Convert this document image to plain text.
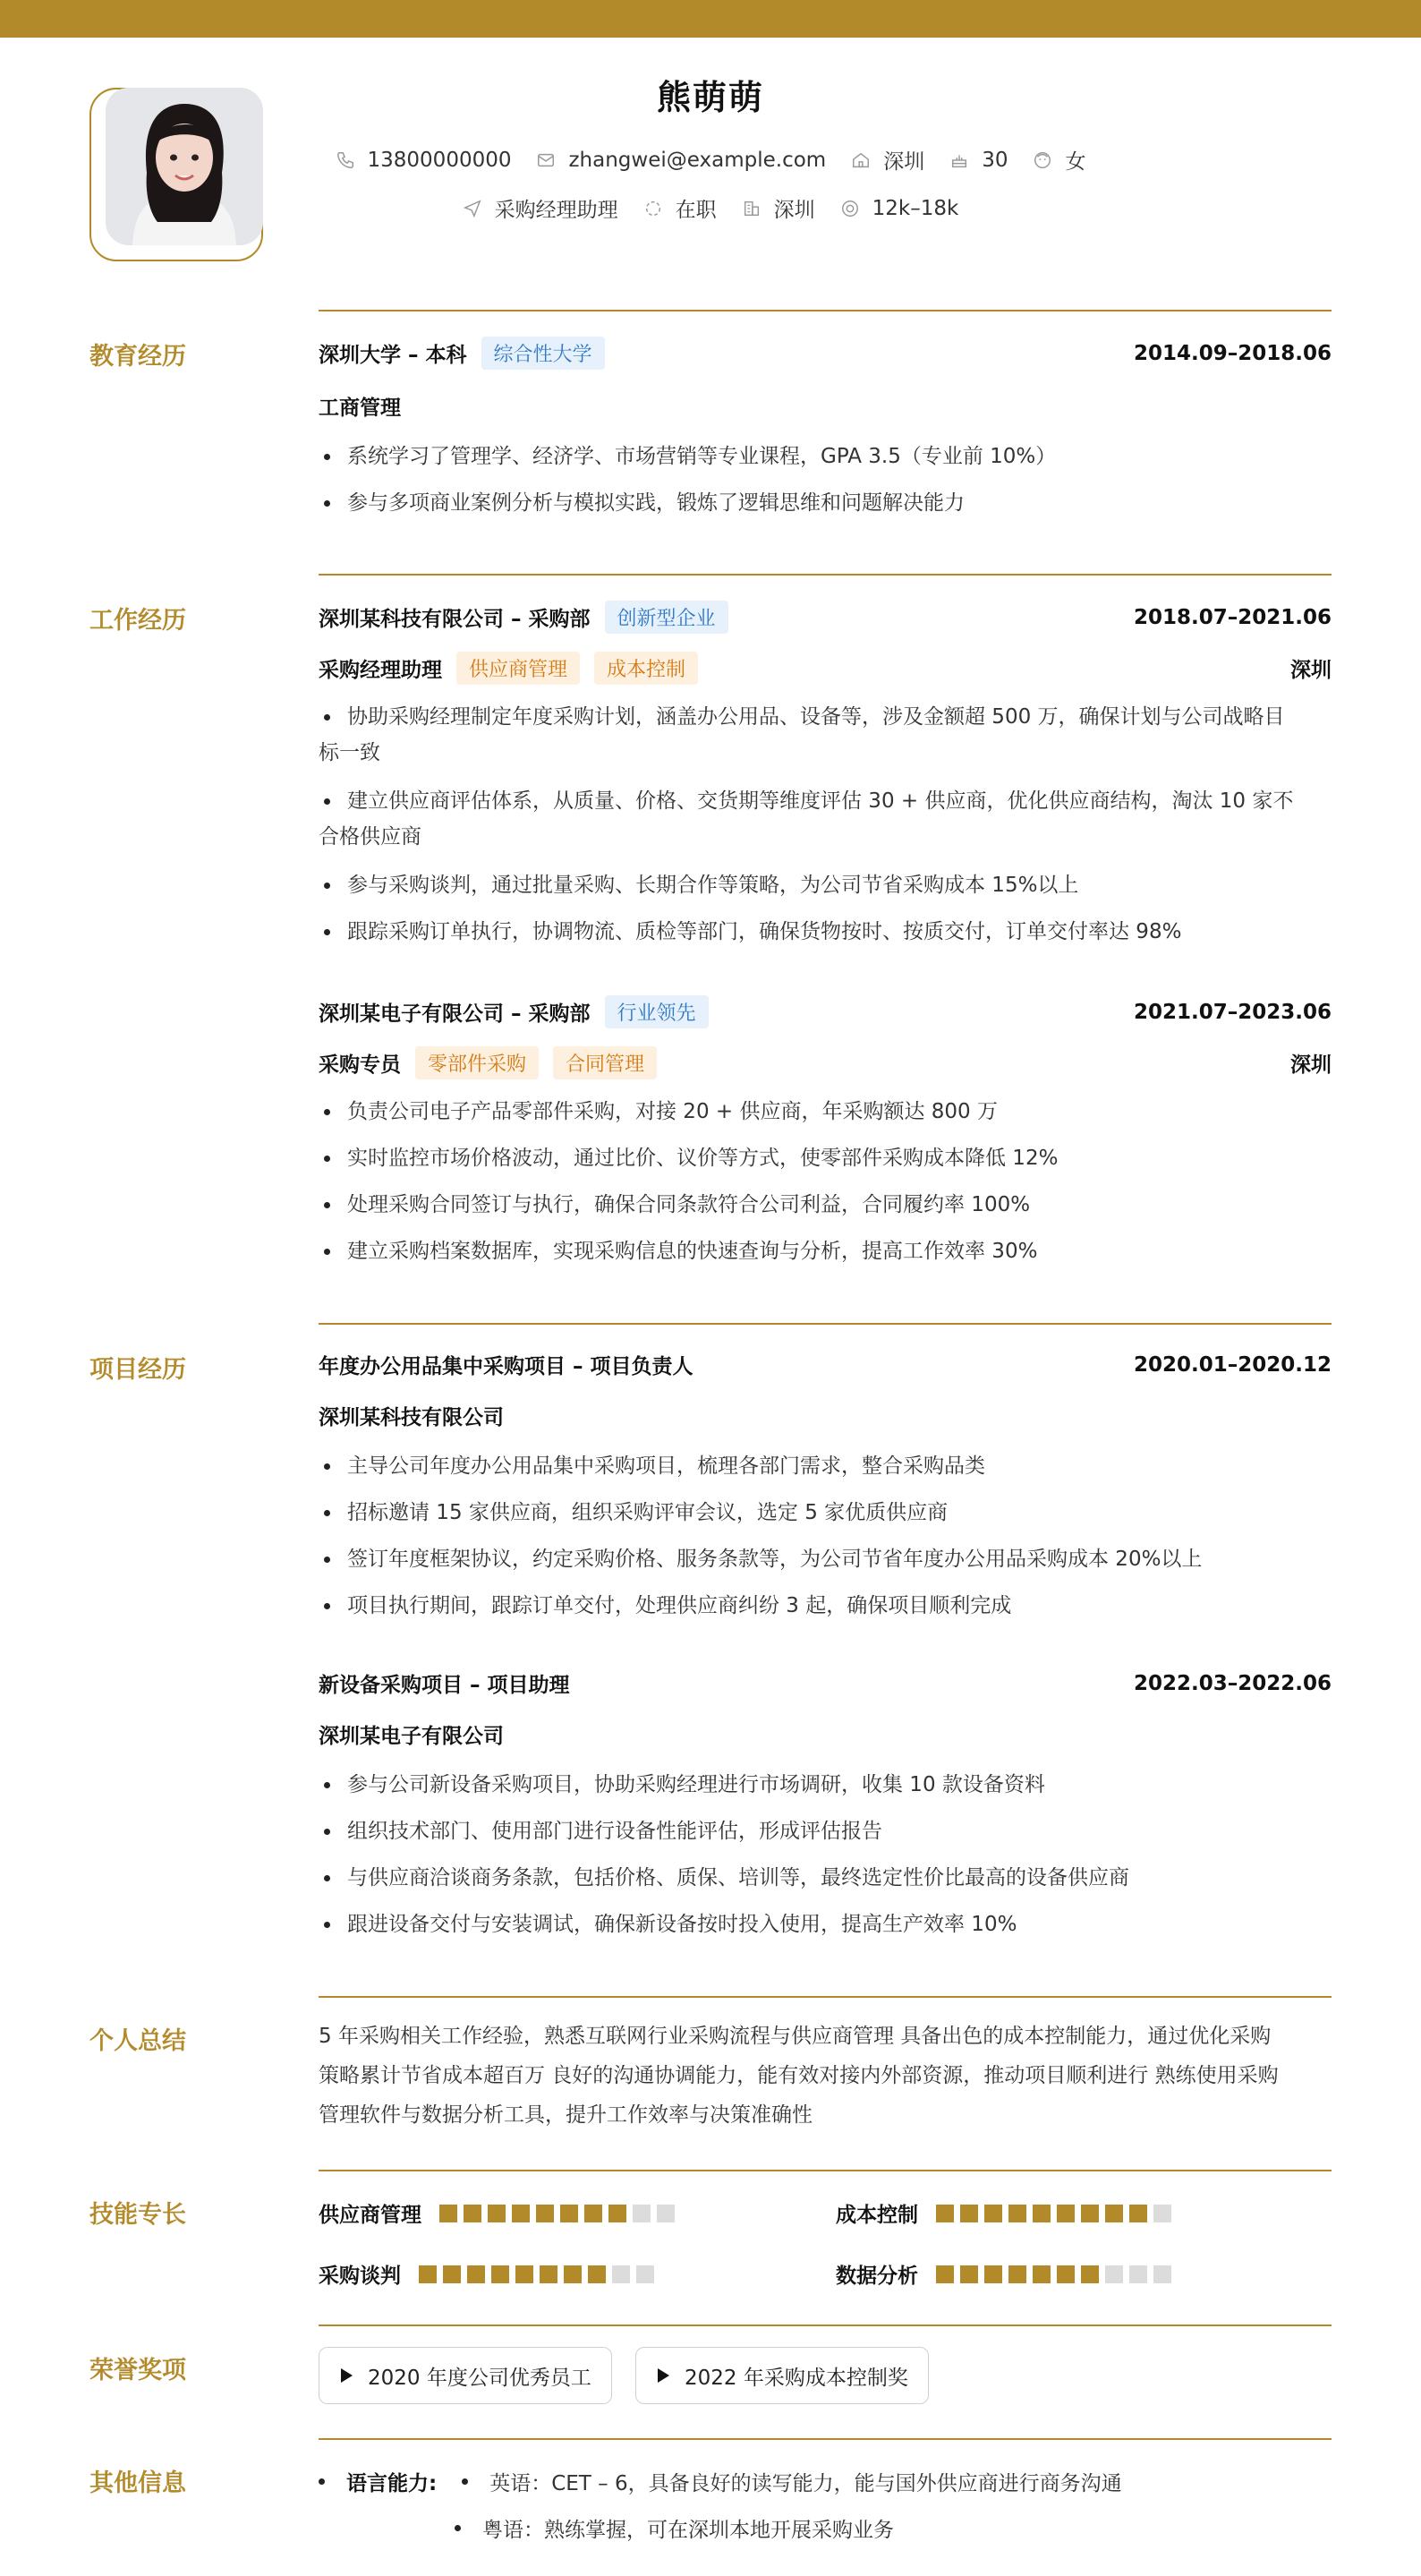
熊萌萌
13800000000	zhangwei@example.com	深圳	30	女
采购经理助理	在职	深圳	12k–18k
教育经历	深圳大学 – 本科	综合性大学	2014.09–2018.06
工商管理
系统学习了管理学、经济学、市场营销等专业课程，GPA 3.5（专业前 10%）
参与多项商业案例分析与模拟实践，锻炼了逻辑思维和问题解决能力
工作经历	深圳某科技有限公司 – 采购部	创新型企业	2018.07–2021.06
采购经理助理	供应商管理	成本控制	深圳
协助采购经理制定年度采购计划，涵盖办公用品、设备等，涉及金额超 500 万，确保计划与公司战略目
标一致
建立供应商评估体系，从质量、价格、交货期等维度评估 30 + 供应商，优化供应商结构，淘汰 10 家不
合格供应商
参与采购谈判，通过批量采购、长期合作等策略，为公司节省采购成本 15%以上
跟踪采购订单执行，协调物流、质检等部门，确保货物按时、按质交付，订单交付率达 98%
深圳某电子有限公司 – 采购部	行业领先	2021.07–2023.06
采购专员	零部件采购	合同管理	深圳
负责公司电子产品零部件采购，对接 20 + 供应商，年采购额达 800 万
实时监控市场价格波动，通过比价、议价等方式，使零部件采购成本降低 12%
处理采购合同签订与执行，确保合同条款符合公司利益，合同履约率 100%
建立采购档案数据库，实现采购信息的快速查询与分析，提高工作效率 30%
项目经历	年度办公用品集中采购项目 – 项目负责人	2020.01–2020.12
深圳某科技有限公司
主导公司年度办公用品集中采购项目，梳理各部门需求，整合采购品类
招标邀请 15 家供应商，组织采购评审会议，选定 5 家优质供应商
签订年度框架协议，约定采购价格、服务条款等，为公司节省年度办公用品采购成本 20%以上
项目执行期间，跟踪订单交付，处理供应商纠纷 3 起，确保项目顺利完成
新设备采购项目 – 项目助理	2022.03–2022.06
深圳某电子有限公司
参与公司新设备采购项目，协助采购经理进行市场调研，收集 10 款设备资料
组织技术部门、使用部门进行设备性能评估，形成评估报告
与供应商洽谈商务条款，包括价格、质保、培训等，最终选定性价比最高的设备供应商
跟进设备交付与安装调试，确保新设备按时投入使用，提高生产效率 10%
个人总结	5 年采购相关工作经验，熟悉互联网行业采购流程与供应商管理 具备出色的成本控制能力，通过优化采购
策略累计节省成本超百万 良好的沟通协调能力，能有效对接内外部资源，推动项目顺利进行 熟练使用采购
管理软件与数据分析工具，提升工作效率与决策准确性
技能专长	供应商管理	成本控制
采购谈判	数据分析
荣誉奖项	2020 年度公司优秀员工	2022 年采购成本控制奖
其他信息	语言能力:	英语：CET – 6，具备良好的读写能力，能与国外供应商进行商务沟通
粤语：熟练掌握，可在深圳本地开展采购业务
